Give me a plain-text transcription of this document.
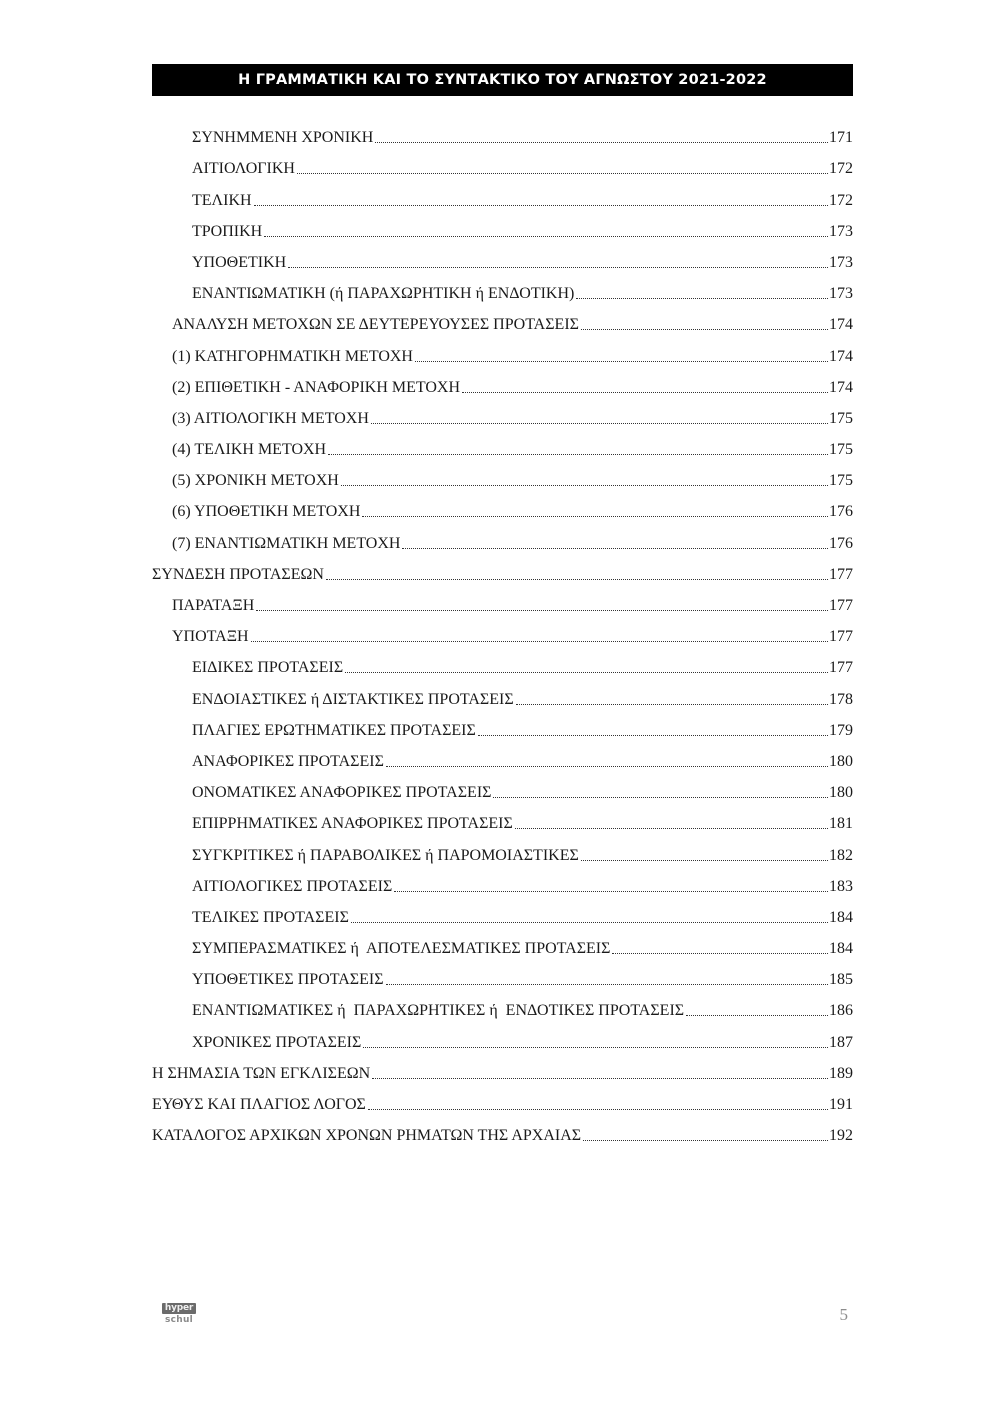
Η ΓΡΑΜΜΑΤΙΚΗ ΚΑΙ ΤΟ ΣΥΝΤΑΚΤΙΚΟ ΤΟΥ ΑΓΝΩΣΤΟΥ 2021-2022
ΣΥΝΗΜΜΕΝΗ ΧΡΟΝΙΚΗ	171
ΑΙΤΙΟΛΟΓΙΚΗ	172
ΤΕΛΙΚΗ	172
ΤΡΟΠΙΚΗ	173
ΥΠΟΘΕΤΙΚΗ	173
ΕΝΑΝΤΙΩΜΑΤΙΚΗ (ή ΠΑΡΑΧΩΡΗΤΙΚΗ ή ΕΝΔΟΤΙΚΗ)	173
ΑΝΑΛΥΣΗ ΜΕΤΟΧΩΝ ΣΕ ΔΕΥΤΕΡΕΥΟΥΣΕΣ ΠΡΟΤΑΣΕΙΣ	174
(1) ΚΑΤΗΓΟΡΗΜΑΤΙΚΗ ΜΕΤΟΧΗ	174
(2) ΕΠΙΘΕΤΙΚΗ - ΑΝΑΦΟΡΙΚΗ ΜΕΤΟΧΗ	174
(3) ΑΙΤΙΟΛΟΓΙΚΗ ΜΕΤΟΧΗ	175
(4) ΤΕΛΙΚΗ ΜΕΤΟΧΗ	175
(5) ΧΡΟΝΙΚΗ ΜΕΤΟΧΗ	175
(6) ΥΠΟΘΕΤΙΚΗ ΜΕΤΟΧΗ	176
(7) ΕΝΑΝΤΙΩΜΑΤΙΚΗ ΜΕΤΟΧΗ	176
ΣΥΝΔΕΣΗ ΠΡΟΤΑΣΕΩΝ	177
ΠΑΡΑΤΑΞΗ	177
ΥΠΟΤΑΞΗ	177
ΕΙΔΙΚΕΣ ΠΡΟΤΑΣΕΙΣ	177
ΕΝΔΟΙΑΣΤΙΚΕΣ ή ΔΙΣΤΑΚΤΙΚΕΣ ΠΡΟΤΑΣΕΙΣ	178
ΠΛΑΓΙΕΣ ΕΡΩΤΗΜΑΤΙΚΕΣ ΠΡΟΤΑΣΕΙΣ	179
ΑΝΑΦΟΡΙΚΕΣ ΠΡΟΤΑΣΕΙΣ	180
ΟΝΟΜΑΤΙΚΕΣ ΑΝΑΦΟΡΙΚΕΣ ΠΡΟΤΑΣΕΙΣ	180
ΕΠΙΡΡΗΜΑΤΙΚΕΣ ΑΝΑΦΟΡΙΚΕΣ ΠΡΟΤΑΣΕΙΣ	181
ΣΥΓΚΡΙΤΙΚΕΣ ή ΠΑΡΑΒΟΛΙΚΕΣ ή ΠΑΡΟΜΟΙΑΣΤΙΚΕΣ	182
ΑΙΤΙΟΛΟΓΙΚΕΣ ΠΡΟΤΑΣΕΙΣ	183
ΤΕΛΙΚΕΣ ΠΡΟΤΑΣΕΙΣ	184
ΣΥΜΠΕΡΑΣΜΑΤΙΚΕΣ ή  ΑΠΟΤΕΛΕΣΜΑΤΙΚΕΣ ΠΡΟΤΑΣΕΙΣ	184
ΥΠΟΘΕΤΙΚΕΣ ΠΡΟΤΑΣΕΙΣ	185
ΕΝΑΝΤΙΩΜΑΤΙΚΕΣ ή  ΠΑΡΑΧΩΡΗΤΙΚΕΣ ή  ΕΝΔΟΤΙΚΕΣ ΠΡΟΤΑΣΕΙΣ	186
ΧΡΟΝΙΚΕΣ ΠΡΟΤΑΣΕΙΣ	187
Η ΣΗΜΑΣΙΑ ΤΩΝ ΕΓΚΛΙΣΕΩΝ	189
ΕΥΘΥΣ ΚΑΙ ΠΛΑΓΙΟΣ ΛΟΓΟΣ	191
ΚΑΤΑΛΟΓΟΣ ΑΡΧΙΚΩΝ ΧΡΟΝΩΝ ΡΗΜΑΤΩΝ ΤΗΣ ΑΡΧΑΙΑΣ	192
hyper
schul	5
